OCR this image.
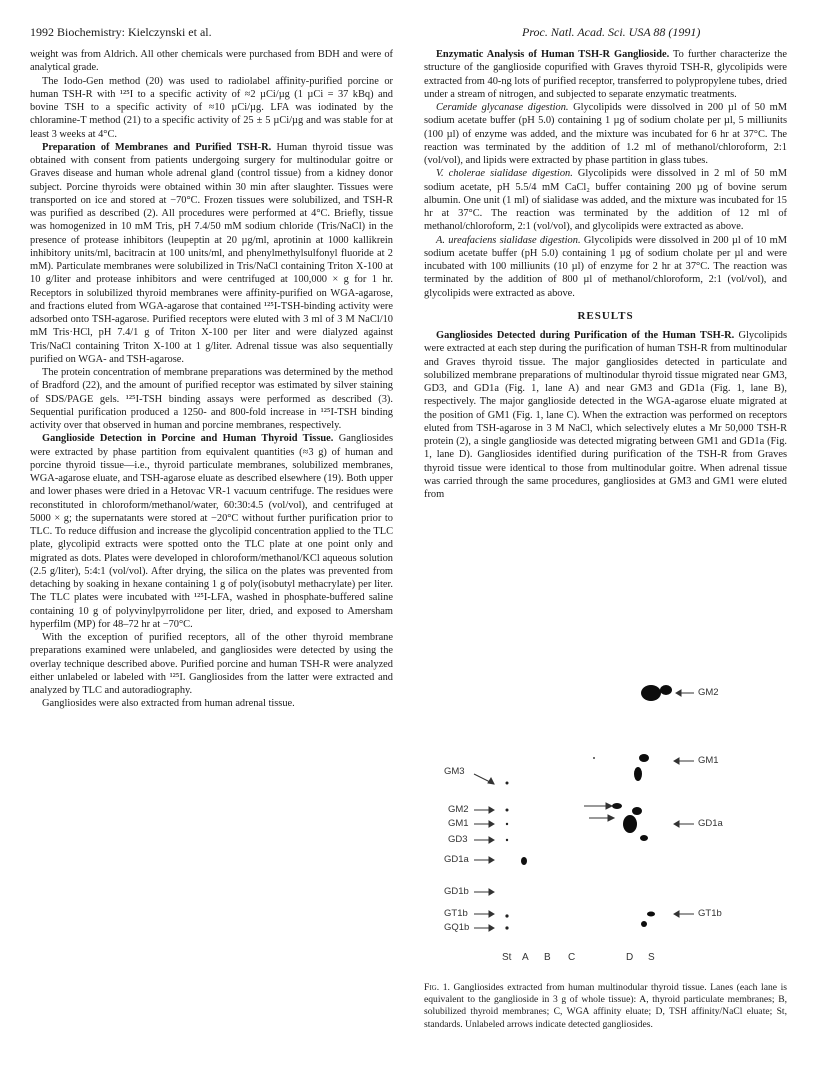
1992 Biochemistry: Kielczynski et al.	Proc. Natl. Acad. Sci. USA 88 (1991)

weight was from Aldrich. All other chemicals were purchased from BDH and were of analytical grade.

The Iodo-Gen method (20) was used to radiolabel affinity-purified porcine or human TSH-R with ¹²⁵I to a specific activity of ≈2 µCi/µg (1 µCi = 37 kBq) and bovine TSH to a specific activity of ≈10 µCi/µg. LFA was iodinated by the chloramine-T method (21) to a specific activity of 25 ± 5 µCi/µg and was stable for at least 3 weeks at 4°C.

Preparation of Membranes and Purified TSH-R. Human thyroid tissue was obtained with consent from patients undergoing surgery for multinodular goitre or Graves disease and human whole adrenal gland (control tissue) from a kidney donor subject. Porcine thyroids were obtained within 30 min after slaughter. Tissues were transported on ice and stored at −70°C. Frozen tissues were solubilized, and TSH-R was purified as described (2). All procedures were performed at 4°C. Briefly, tissue was homogenized in 10 mM Tris, pH 7.4/50 mM sodium chloride (Tris/NaCl) in the presence of protease inhibitors (leupeptin at 20 µg/ml, aprotinin at 1000 kallikrein inhibitory units/ml, bacitracin at 100 units/ml, and phenylmethylsulfonyl fluoride at 2 mM). Particulate membranes were solubilized in Tris/NaCl containing Triton X-100 at 10 g/liter and protease inhibitors and were centrifuged at 100,000 × g for 1 hr. Receptors in solubilized thyroid membranes were affinity-purified on WGA-agarose, and fractions eluted from WGA-agarose that contained ¹²⁵I-TSH-binding activity were adsorbed onto TSH-agarose. Purified receptors were eluted with 3 ml of 3 M NaCl/10 mM Tris·HCl, pH 7.4/1 g of Triton X-100 per liter and were dialyzed against Tris/NaCl containing Triton X-100 at 1 g/liter. Adrenal tissue was also sequentially purified on WGA- and TSH-agarose.

The protein concentration of membrane preparations was determined by the method of Bradford (22), and the amount of purified receptor was estimated by silver staining of SDS/PAGE gels. ¹²⁵I-TSH binding assays were performed as described (3). Sequential purification produced a 1250- and 800-fold increase in ¹²⁵I-TSH binding activity over that observed in human and porcine membranes, respectively.

Ganglioside Detection in Porcine and Human Thyroid Tissue. Gangliosides were extracted by phase partition from equivalent quantities (≈3 g) of human and porcine thyroid tissue—i.e., thyroid particulate membranes, solubilized membranes, WGA-agarose eluate, and TSH-agarose eluate as described elsewhere (19). Both upper and lower phases were dried in a Hetovac VR-1 vacuum centrifuge. The residues were reconstituted in chloroform/methanol/water, 60:30:4.5 (vol/vol), and centrifuged at 5000 × g; the supernatants were stored at −20°C without further purification prior to TLC. To reduce diffusion and increase the glycolipid concentration applied to the TLC plate, glycolipid extracts were spotted onto the TLC plate at one point only and migrated as dots. Plates were developed in chloroform/methanol/KCl aqueous solution (2.5 g/liter), 5:4:1 (vol/vol). After drying, the silica on the plates was prevented from detaching by soaking in hexane containing 1 g of poly(isobutyl methacrylate) per liter. The TLC plates were incubated with ¹²⁵I-LFA, washed in phosphate-buffered saline containing 10 g of polyvinylpyrrolidone per liter, dried, and exposed to Amersham hyperfilm (MP) for 48–72 hr at −70°C.

With the exception of purified receptors, all of the other thyroid membrane preparations examined were unlabeled, and gangliosides were detected by using the overlay technique described above. Purified porcine and human TSH-R were analyzed either unlabeled or labeled with ¹²⁵I. Gangliosides from the latter were extracted and analyzed by TLC and autoradiography.

Gangliosides were also extracted from human adrenal tissue.

Enzymatic Analysis of Human TSH-R Ganglioside. To further characterize the structure of the ganglioside copurified with Graves thyroid TSH-R, glycolipids were extracted from 40-ng lots of purified receptor, transferred to polypropylene tubes, dried under a stream of nitrogen, and subjected to separate enzymatic treatments.

Ceramide glycanase digestion. Glycolipids were dissolved in 200 µl of 50 mM sodium acetate buffer (pH 5.0) containing 1 µg of sodium cholate per µl, 5 milliunits (100 µl) of enzyme was added, and the mixture was incubated for 6 hr at 37°C. The reaction was terminated by the addition of 1.2 ml of methanol/chloroform, 2:1 (vol/vol), and lipids were extracted by phase partition in glass tubes.

V. cholerae sialidase digestion. Glycolipids were dissolved in 2 ml of 50 mM sodium acetate, pH 5.5/4 mM CaCl₂ buffer containing 200 µg of bovine serum albumin. One unit (1 ml) of sialidase was added, and the mixture was incubated for 15 hr at 37°C. The reaction was terminated by the addition of 12 ml of methanol/chloroform, 2:1 (vol/vol), and glycolipids were extracted as above.

A. ureafaciens sialidase digestion. Glycolipids were dissolved in 200 µl of 10 mM sodium acetate buffer (pH 5.0) containing 1 µg of sodium cholate per µl and were incubated with 100 milliunits (10 µl) of enzyme for 2 hr at 37°C. The reaction was terminated by the addition of 800 µl of methanol/chloroform, 2:1 (vol/vol), and glycolipids were extracted as above.

RESULTS

Gangliosides Detected during Purification of the Human TSH-R. Glycolipids were extracted at each step during the purification of human TSH-R from multinodular and Graves thyroid tissue. The major gangliosides detected in particulate and solubilized membrane preparations of multinodular thyroid tissue migrated near GM3, GD3, and GD1a (Fig. 1, lane A) and near GM3 and GD1a (Fig. 1, lane B), respectively. The major ganglioside detected in the WGA-agarose eluate migrated at the position of GM1 (Fig. 1, lane C). When the extraction was performed on receptors eluted from TSH-agarose in 3 M NaCl, which selectively elutes a Mr 50,000 TSH-R protein (2), a single ganglioside was detected migrating between GM1 and GD1a (Fig. 1, lane D). Gangliosides identified during purification of the TSH-R from Graves thyroid tissue were identical to those from multinodular goitre. When adrenal tissue was carried through the same procedures, gangliosides at GM3 and GM1 were eluted from

GM3
GM2
GM1
GD3
GD1a
GD1b
GT1b
GQ1b
GM2
GM1
GD1a
GT1b
St A B C	D S
Fig. 1. Gangliosides extracted from human multinodular thyroid tissue. Lanes (each lane is equivalent to the ganglioside in 3 g of whole tissue): A, thyroid particulate membranes; B, solubilized thyroid membranes; C, WGA affinity eluate; D, TSH affinity/NaCl eluate; St, standards. Unlabeled arrows indicate detected gangliosides.
